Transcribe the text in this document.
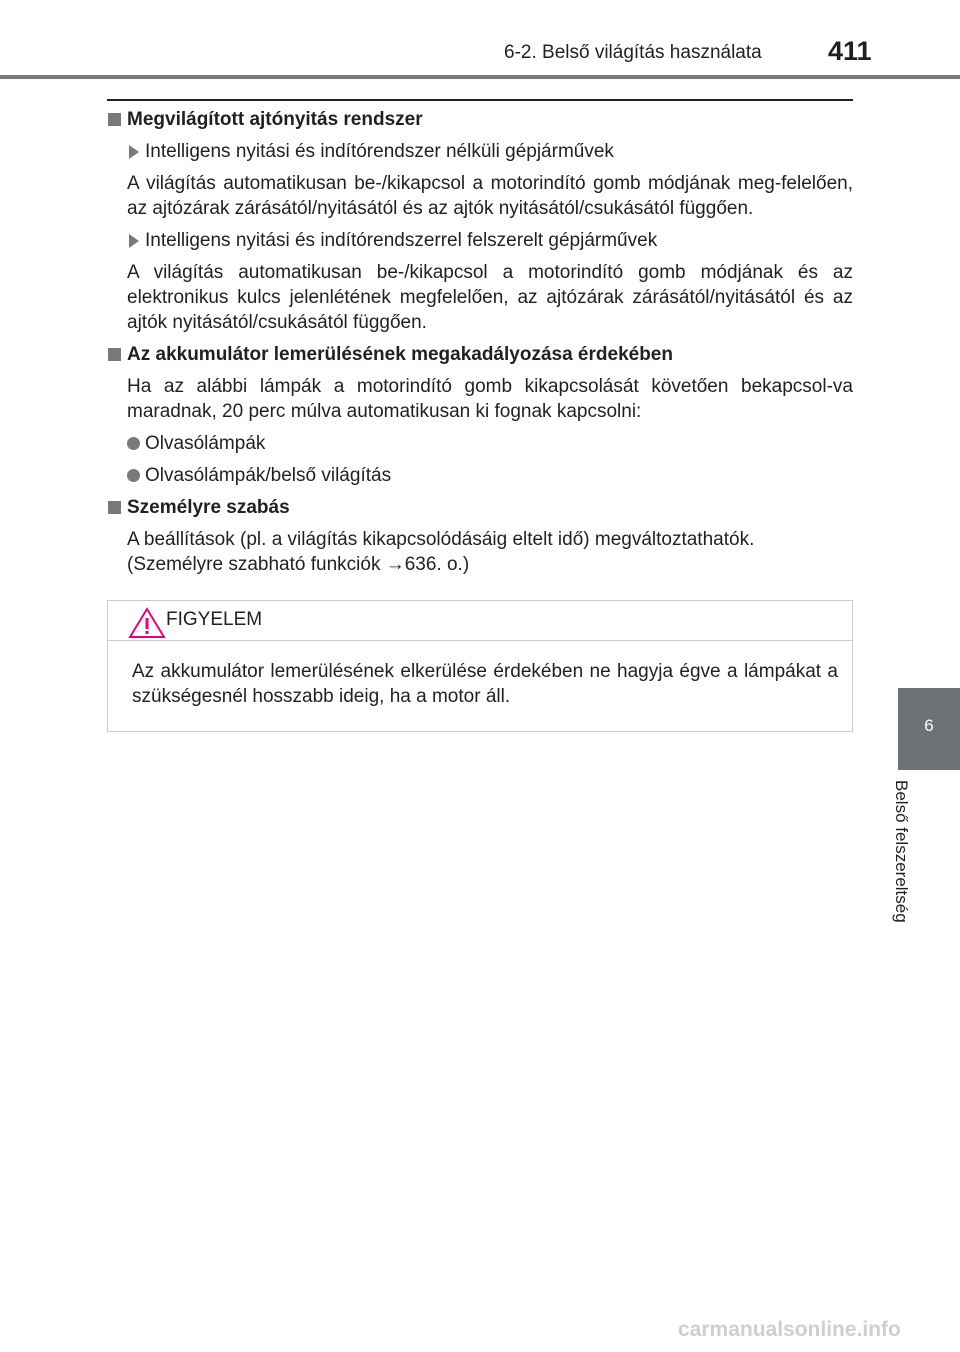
6-2. Belső világítás használata 411
6
Belső felszereltség

Megvilágított ajtónyitás rendszer

Intelligens nyitási és indítórendszer nélküli gépjárművek

A világítás automatikusan be-/kikapcsol a motorindító gomb módjának meg-felelően, az ajtózárak zárásától/nyitásától és az ajtók nyitásától/csukásától függően.

Intelligens nyitási és indítórendszerrel felszerelt gépjárművek

A világítás automatikusan be-/kikapcsol a motorindító gomb módjának és az elektronikus kulcs jelenlétének megfelelően, az ajtózárak zárásától/nyitásától és az ajtók nyitásától/csukásától függően.

Az akkumulátor lemerülésének megakadályozása érdekében

Ha az alábbi lámpák a motorindító gomb kikapcsolását követően bekapcsol-va maradnak, 20 perc múlva automatikusan ki fognak kapcsolni:

Olvasólámpák

Olvasólámpák/belső világítás

Személyre szabás

A beállítások (pl. a világítás kikapcsolódásáig eltelt idő) megváltoztathatók.

(Személyre szabható funkciók →636. o.)

FIGYELEM
Az akkumulátor lemerülésének elkerülése érdekében ne hagyja égve a lámpákat a szükségesnél hosszabb ideig, ha a motor áll.
carmanualsonline.info
